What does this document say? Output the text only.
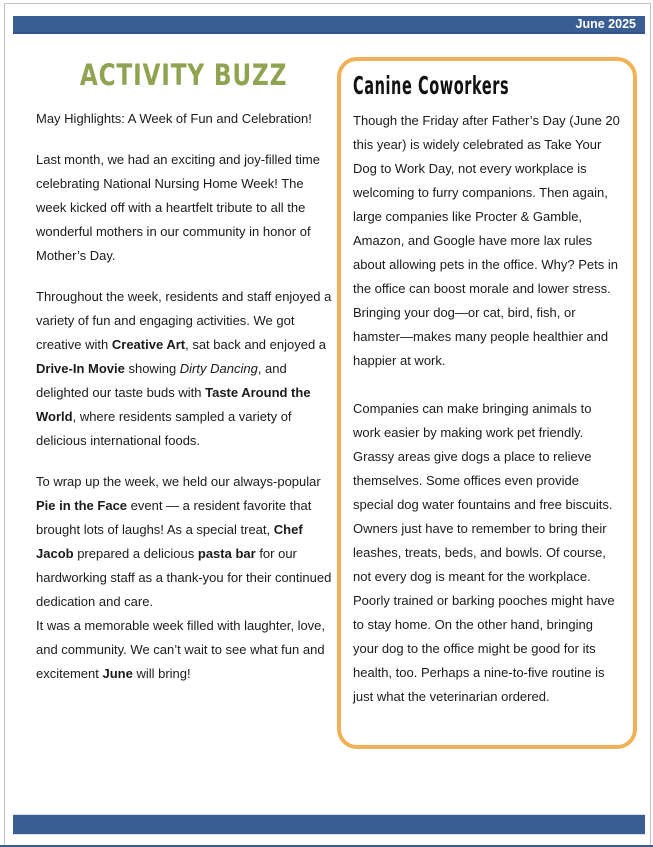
June 2025
ACTIVITY BUZZ

May Highlights: A Week of Fun and Celebration!

Last month, we had an exciting and joy-filled time celebrating National Nursing Home Week! The week kicked off with a heartfelt tribute to all the wonderful mothers in our community in honor of Mother’s Day.

Throughout the week, residents and staff enjoyed a variety of fun and engaging activities. We got creative with Creative Art, sat back and enjoyed a Drive-In Movie showing Dirty Dancing, and delighted our taste buds with Taste Around the World, where residents sampled a variety of delicious international foods.

To wrap up the week, we held our always-popular Pie in the Face event — a resident favorite that brought lots of laughs! As a special treat, Chef Jacob prepared a delicious pasta bar for our hardworking staff as a thank-you for their continued dedication and care.
It was a memorable week filled with laughter, love, and community. We can’t wait to see what fun and excitement June will bring!

Canine Coworkers

Though the Friday after Father’s Day (June 20 this year) is widely celebrated as Take Your Dog to Work Day, not every workplace is welcoming to furry companions. Then again, large companies like Procter & Gamble, Amazon, and Google have more lax rules about allowing pets in the office. Why? Pets in the office can boost morale and lower stress. Bringing your dog—or cat, bird, fish, or hamster—makes many people healthier and happier at work.

Companies can make bringing animals to work easier by making work pet friendly. Grassy areas give dogs a place to relieve themselves. Some offices even provide special dog water fountains and free biscuits. Owners just have to remember to bring their leashes, treats, beds, and bowls. Of course, not every dog is meant for the workplace. Poorly trained or barking pooches might have to stay home. On the other hand, bringing your dog to the office might be good for its health, too. Perhaps a nine-to-five routine is just what the veterinarian ordered.
